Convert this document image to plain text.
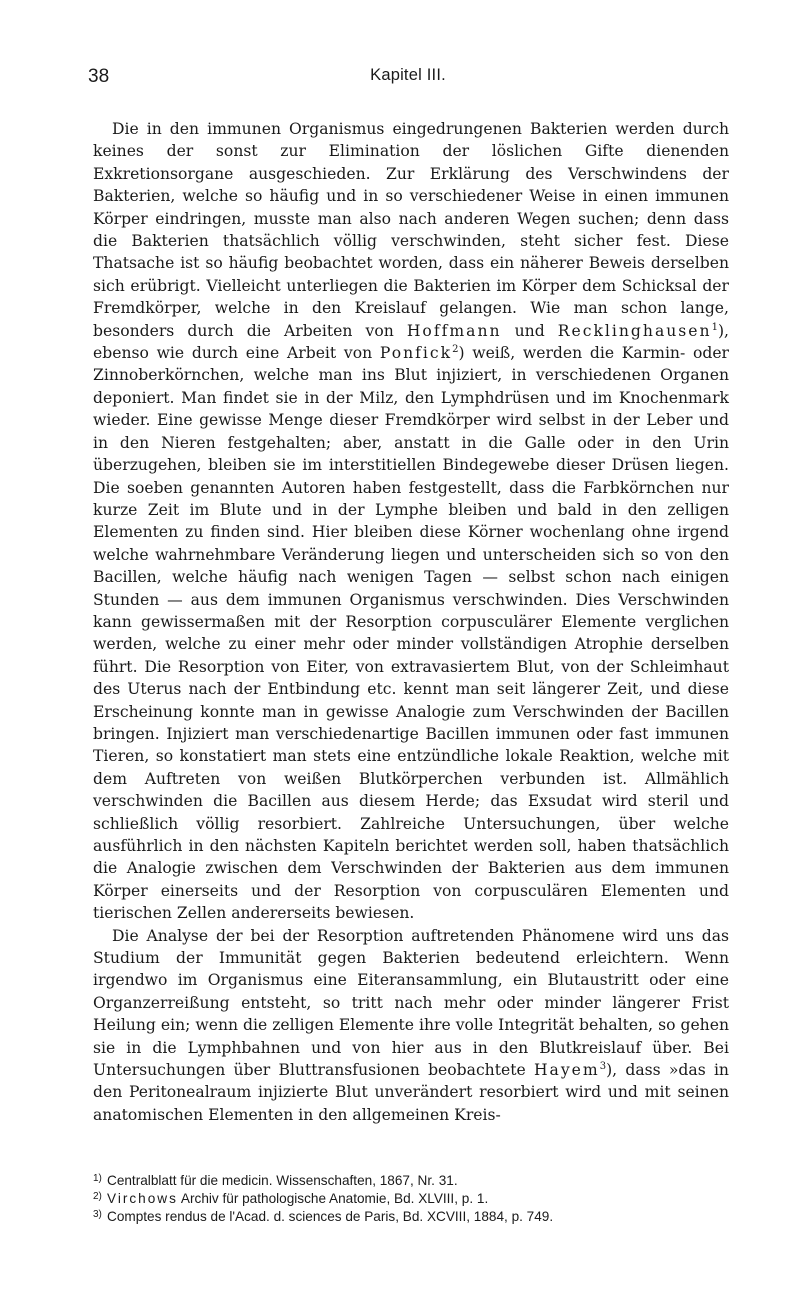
38	Kapitel III.

Die in den immunen Organismus eingedrungenen Bakterien werden durch keines der sonst zur Elimination der löslichen Gifte dienenden Exkretionsorgane ausgeschieden. Zur Erklärung des Verschwindens der Bakterien, welche so häufig und in so verschiedener Weise in einen immunen Körper eindringen, musste man also nach anderen Wegen suchen; denn dass die Bakterien thatsächlich völlig verschwinden, steht sicher fest. Diese Thatsache ist so häufig beobachtet worden, dass ein näherer Beweis derselben sich erübrigt. Vielleicht unterliegen die Bakterien im Körper dem Schicksal der Fremdkörper, welche in den Kreislauf gelangen. Wie man schon lange, besonders durch die Arbeiten von Hoffmann und Recklinghausen$^1$), ebenso wie durch eine Arbeit von Ponfick$^2$) weiß, werden die Karmin- oder Zinnoberkörnchen, welche man ins Blut injiziert, in verschiedenen Organen deponiert. Man findet sie in der Milz, den Lymphdrüsen und im Knochenmark wieder. Eine gewisse Menge dieser Fremdkörper wird selbst in der Leber und in den Nieren festgehalten; aber, anstatt in die Galle oder in den Urin überzugehen, bleiben sie im interstitiellen Bindegewebe dieser Drüsen liegen. Die soeben genannten Autoren haben festgestellt, dass die Farbkörnchen nur kurze Zeit im Blute und in der Lymphe bleiben und bald in den zelligen Elementen zu finden sind. Hier bleiben diese Körner wochenlang ohne irgend welche wahrnehmbare Veränderung liegen und unterscheiden sich so von den Bacillen, welche häufig nach wenigen Tagen — selbst schon nach einigen Stunden — aus dem immunen Organismus verschwinden. Dies Verschwinden kann gewissermaßen mit der Resorption corpusculärer Elemente verglichen werden, welche zu einer mehr oder minder vollständigen Atrophie derselben führt. Die Resorption von Eiter, von extravasiertem Blut, von der Schleimhaut des Uterus nach der Entbindung etc. kennt man seit längerer Zeit, und diese Erscheinung konnte man in gewisse Analogie zum Verschwinden der Bacillen bringen. Injiziert man verschiedenartige Bacillen immunen oder fast immunen Tieren, so konstatiert man stets eine entzündliche lokale Reaktion, welche mit dem Auftreten von weißen Blutkörperchen verbunden ist. Allmählich verschwinden die Bacillen aus diesem Herde; das Exsudat wird steril und schließlich völlig resorbiert. Zahlreiche Untersuchungen, über welche ausführlich in den nächsten Kapiteln berichtet werden soll, haben thatsächlich die Analogie zwischen dem Verschwinden der Bakterien aus dem immunen Körper einerseits und der Resorption von corpusculären Elementen und tierischen Zellen andererseits bewiesen.

Die Analyse der bei der Resorption auftretenden Phänomene wird uns das Studium der Immunität gegen Bakterien bedeutend erleichtern. Wenn irgendwo im Organismus eine Eiteransammlung, ein Blutaustritt oder eine Organzerreißung entsteht, so tritt nach mehr oder minder längerer Frist Heilung ein; wenn die zelligen Elemente ihre volle Integrität behalten, so gehen sie in die Lymphbahnen und von hier aus in den Blutkreislauf über. Bei Untersuchungen über Bluttransfusionen beobachtete Hayem$^3$), dass »das in den Peritonealraum injizierte Blut unverändert resorbiert wird und mit seinen anatomischen Elementen in den allgemeinen Kreis-

1) Centralblatt für die medicin. Wissenschaften, 1867, Nr. 31.
2) Virchows Archiv für pathologische Anatomie, Bd. XLVIII, p. 1.
3) Comptes rendus de l'Acad. d. sciences de Paris, Bd. XCVIII, 1884, p. 749.
